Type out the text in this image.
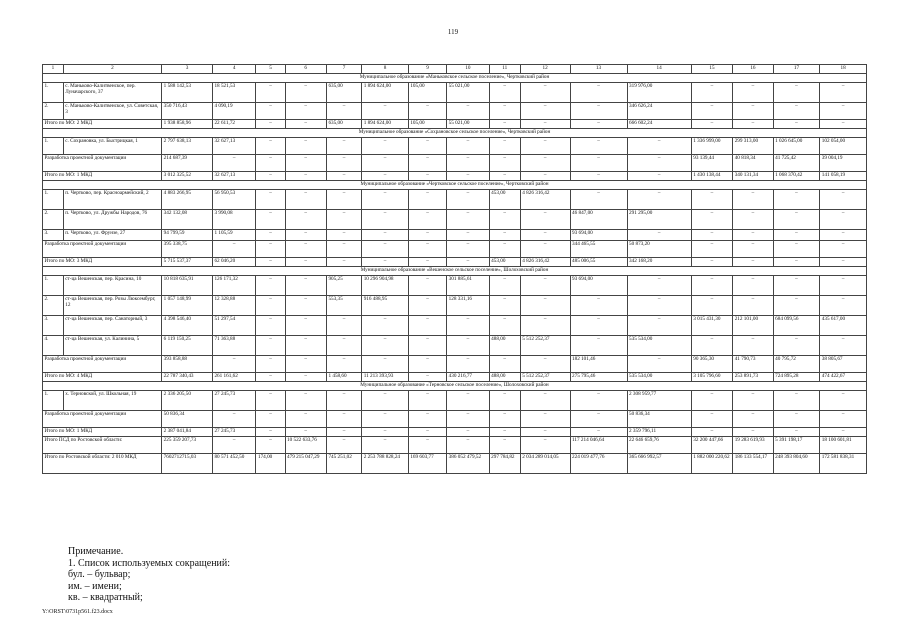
119
1	2	3	4	5	6	7	8	9	10	11	12	13	14	15	16	17	18
Муниципальное образование «Маньковское сельское поселение», Чертковский район																	
1.	с. Маньково-Калитвенское, пер. Луначарского, 37	1 588 142,53	18 521,53	–	–	635,00	1 894 624,00	105,00	55 021,00	–	–	–	319 976,00	–	–	–	–
2.	с. Маньково-Калитвенское, ул. Советская, 3	350 716,43	4 090,19	–	–	–	–	–	–	–	–	–	346 626,24	–	–	–	–
Итого по МО: 2 МКД		1 938 858,96	22 611,72	–	–	635,00	1 894 624,00	105,00	55 021,00	–	–	–	666 602,24	–	–	–	–
Муниципальное образование «Сохрановское сельское поселение», Чертковский район																	
1.	с. Сохрановка, ул. Быстрицкая, 1	2 797 638,13	32 627,13	–	–	–	–	–	–	–	–	–	–	1 336 999,00	299 313,00	1 026 645,00	102 054,00
Разработка проектной документации		214 687,39	–	–	–	–	–	–	–	–	–	–	–	93 139,44	40 818,34	41 725,42	39 004,19
Итого по МО: 1 МКД		3 012 325,52	32 627,13	–	–	–	–	–	–	–	–	–	–	1 430 138,44	340 131,34	1 068 370,42	141 058,19
Муниципальное образование «Чертковское сельское поселение», Чертковский район																	
1.	п. Чертково, пер. Красноармейский, 2	4 883 266,95	56 950,53	–	–	–	–	–	–	453,00	4 826 316,42	–	–	–	–	–	–
2.	п. Чертково, ул. Дружбы Народов, 76	342 132,08	3 990,08	–	–	–	–	–	–	–	–	46 847,00	291 295,00	–	–	–	–
3.	п. Чертково, ул. Фрунзе, 27	94 799,59	1 105,59	–	–	–	–	–	–	–	–	93 694,00	–	–	–	–	–
Разработка проектной документации		395 338,75	–	–	–	–	–	–	–	–	–	344 465,55	50 873,20	–	–	–	–
Итого по МО: 3 МКД		5 715 537,37	62 046,20	–	–	–	–	–	–	453,00	4 826 316,42	485 006,55	342 168,20	–	–	–	–
Муниципальное образование «Вешенское сельское поселение», Шолоховский район																	
1.	ст-ца Вешенская, пер. Красина, 10	10 818 635,91	126 171,32	–	–	905,25	10 296 904,98	–	301 885,61	–	–	93 694,00	–	–	–	–	–
2.	ст-ца Вешенская, пер. Розы Люксембург, 12	1 057 148,99	12 328,88	–	–	553,35	916 488,95	–	128 331,16	–	–	–	–	–	–	–	–
3.	ст-ца Вешенская, пер. Санаторный, 3	4 398 546,40	51 297,54	–	–	–	–	–	–	–	–	–	–	3 015 431,30	212 101,00	684 099,56	435 617,00
4.	ст-ца Вешенская, ул. Калинина, 5	6 119 150,25	71 363,88	–	–	–	–	–	–	488,00	5 512 252,37	–	535 534,00	–	–	–	–
Разработка проектной документации		393 858,88	–	–	–	–	–	–	–	–	–	182 101,46	–	90 365,30	41 790,73	40 795,72	38 805,67
Итого по МО: 4 МКД		22 787 340,43	261 161,62	–	–	1 458,60	11 213 393,93	–	430 216,77	488,00	5 512 252,37	275 795,46	535 534,00	3 105 796,60	253 891,73	724 895,28	474 422,67
Муниципальное образование «Терновское сельское поселение», Шолоховский район																	
1.	х. Терновской, ул. Школьная, 19	2 336 205,50	27 245,73	–	–	–	–	–	–	–	–	–	2 308 959,77	–	–	–	–
Разработка проектной документации		50 836,34	–	–	–	–	–	–	–	–	–	–	50 836,34	–	–	–	–
Итого по МО: 1 МКД		2 387 041,84	27 245,73	–	–	–	–	–	–	–	–	–	2 359 796,11	–	–	–	–
Итого ПСД по Ростовской области:		225 359 207,73	–	–	10 522 633,76	–	–	–	–	–	–	117 214 046,64	22 646 659,76	32 200 447,66	19 283 619,93	5 391 198,17	18 100 601,81
Итого по Ростовской области: 2 010 МКД		7602712715,03	80 571 452,50	174,00	479 215 047,29	745 251,02	2 253 788 828,24	169 603,77	386 052 479,52	297 784,82	2 034 289 014,05	224 019 477,76	365 666 992,57	1 882 000 220,62	186 133 554,17	248 393 804,60	172 581 838,31
Примечание.
1. Список используемых сокращений:
бул. – бульвар;
им. – имени;
кв. – квадратный;
Y:\ORST\0731p561.f23.docx
